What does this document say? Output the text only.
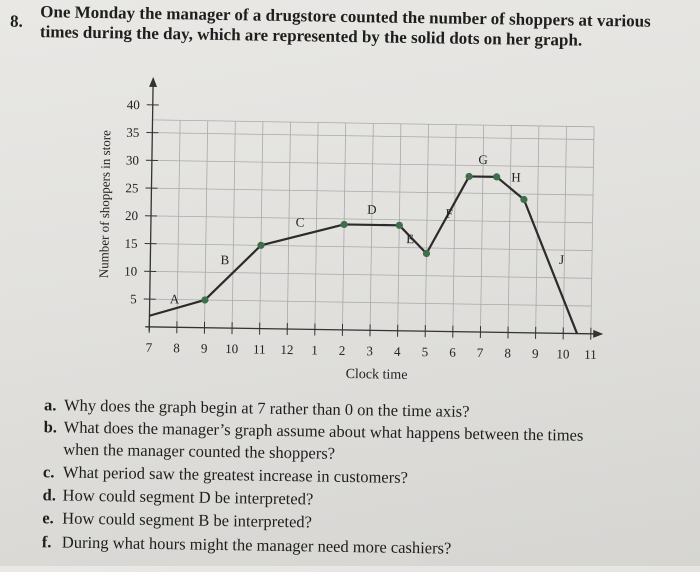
8. One Monday the manager of a drugstore counted the number of shoppers at various times during the day, which are represented by the solid dots on her graph.

7 8 9 10 11 12 1 2 3 4 5 6 7 8 9 10 11
5
10
15
20
25
30
35
40
A
B
C
D
E
F
G
H
J
Number of shoppers in store
Clock time

a. Why does the graph begin at 7 rather than 0 on the time axis?

b. What does the manager’s graph assume about what happens between the times

when the manager counted the shoppers?

c. What period saw the greatest increase in customers?

d. How could segment D be interpreted?

e. How could segment B be interpreted?

f. During what hours might the manager need more cashiers?
